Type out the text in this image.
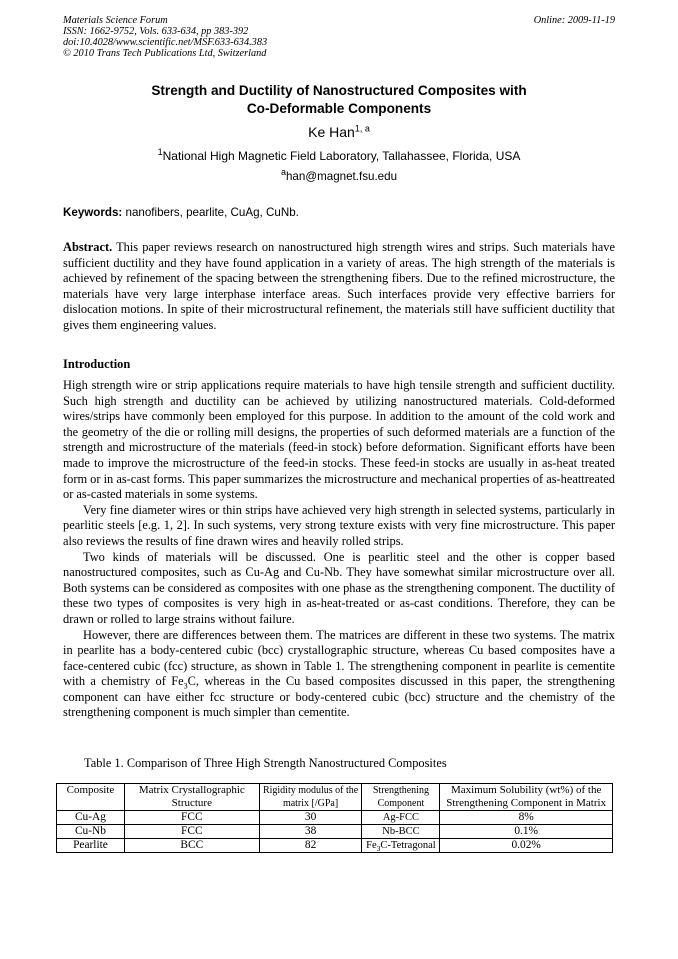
Materials Science Forum
ISSN: 1662-9752, Vols. 633-634, pp 383-392
doi:10.4028/www.scientific.net/MSF.633-634.383
© 2010 Trans Tech Publications Ltd, Switzerland
Online: 2009-11-19
Strength and Ductility of Nanostructured Composites with
Co-Deformable Components
Ke Han$^{1, a}$
$^1$National High Magnetic Field Laboratory, Tallahassee, Florida, USA
$^a$han@magnet.fsu.edu
Keywords: nanofibers, pearlite, CuAg, CuNb.
Abstract. This paper reviews research on nanostructured high strength wires and strips. Such materials have sufficient ductility and they have found application in a variety of areas. The high strength of the materials is achieved by refinement of the spacing between the strengthening fibers. Due to the refined microstructure, the materials have very large interphase interface areas. Such interfaces provide very effective barriers for dislocation motions. In spite of their microstructural refinement, the materials still have sufficient ductility that gives them engineering values.
Introduction

High strength wire or strip applications require materials to have high tensile strength and sufficient ductility. Such high strength and ductility can be achieved by utilizing nanostructured materials. Cold-deformed wires/strips have commonly been employed for this purpose. In addition to the amount of the cold work and the geometry of the die or rolling mill designs, the properties of such deformed materials are a function of the strength and microstructure of the materials (feed-in stock) before deformation. Significant efforts have been made to improve the microstructure of the feed-in stocks. These feed-in stocks are usually in as-heat treated form or in as-cast forms. This paper summarizes the microstructure and mechanical properties of as-heattreated or as-casted materials in some systems.

Very fine diameter wires or thin strips have achieved very high strength in selected systems, particularly in pearlitic steels [e.g. 1, 2]. In such systems, very strong texture exists with very fine microstructure. This paper also reviews the results of fine drawn wires and heavily rolled strips.

Two kinds of materials will be discussed. One is pearlitic steel and the other is copper based nanostructured composites, such as Cu-Ag and Cu-Nb. They have somewhat similar microstructure over all. Both systems can be considered as composites with one phase as the strengthening component. The ductility of these two types of composites is very high in as-heat-treated or as-cast conditions. Therefore, they can be drawn or rolled to large strains without failure.

However, there are differences between them. The matrices are different in these two systems. The matrix in pearlite has a body-centered cubic (bcc) crystallographic structure, whereas Cu based composites have a face-centered cubic (fcc) structure, as shown in Table 1. The strengthening component in pearlite is cementite with a chemistry of $Fe_3C$, whereas in the Cu based composites discussed in this paper, the strengthening component can have either fcc structure or body-centered cubic (bcc) structure and the chemistry of the strengthening component is much simpler than cementite.

Table 1. Comparison of Three High Strength Nanostructured Composites
Composite	Matrix Crystallographic Structure	Rigidity modulus of the matrix [/GPa]	Strengthening Component	Maximum Solubility (wt%) of the Strengthening Component in Matrix
Cu-Ag	FCC	30	Ag-FCC	8%
Cu-Nb	FCC	38	Nb-BCC	0.1%
Pearlite	BCC	82	$Fe_3C$-Tetragonal	0.02%
